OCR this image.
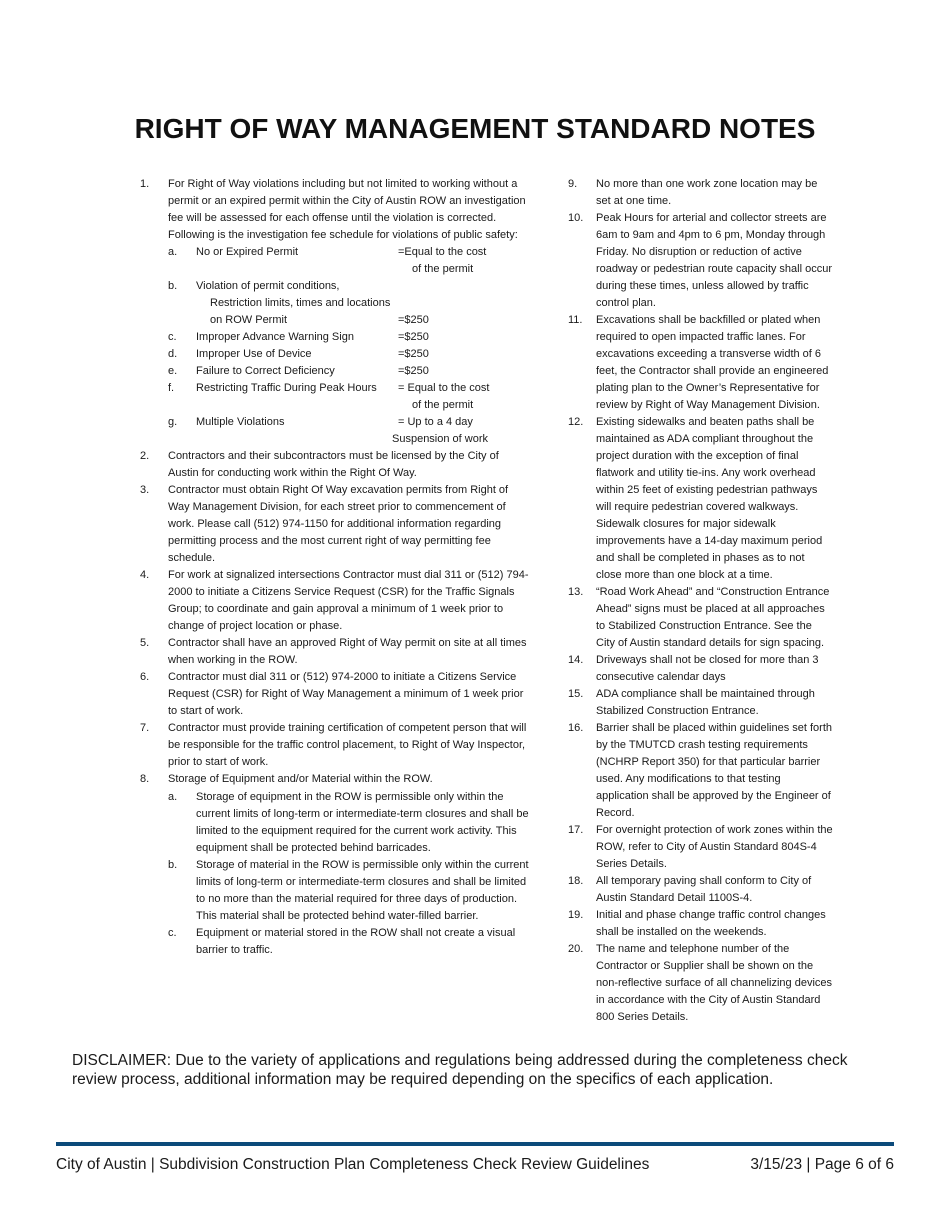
RIGHT OF WAY MANAGEMENT STANDARD NOTES
1.	For Right of Way violations including but not limited to working without a permit or an expired permit within the City of Austin ROW an investigation fee will be assessed for each offense until the violation is corrected. Following is the investigation fee schedule for violations of public safety:
a.	No or Expired Permit	=Equal to the cost
of the permit
b.	Violation of permit conditions,
Restriction limits, times and locations
on ROW Permit	=$250
c.	Improper Advance Warning Sign	=$250
d.	Improper Use of Device	=$250
e.	Failure to Correct Deficiency	=$250
f.	Restricting Traffic During Peak Hours	= Equal to the cost
of the permit
g.	Multiple Violations	= Up to a 4 day
Suspension of work
2.	Contractors and their subcontractors must be licensed by the City of Austin for conducting work within the Right Of Way.
3.	Contractor must obtain Right Of Way excavation permits from Right of Way Management Division, for each street prior to commencement of work. Please call (512) 974-1150 for additional information regarding permitting process and the most current right of way permitting fee schedule.
4.	For work at signalized intersections Contractor must dial 311 or (512) 794-2000 to initiate a Citizens Service Request (CSR) for the Traffic Signals Group; to coordinate and gain approval a minimum of 1 week prior to change of project location or phase.
5.	Contractor shall have an approved Right of Way permit on site at all times when working in the ROW.
6.	Contractor must dial 311 or (512) 974-2000 to initiate a Citizens Service Request (CSR) for Right of Way Management a minimum of 1 week prior to start of work.
7.	Contractor must provide training certification of competent person that will be responsible for the traffic control placement, to Right of Way Inspector, prior to start of work.
8.	Storage of Equipment and/or Material within the ROW.
a.	Storage of equipment in the ROW is permissible only within the current limits of long-term or intermediate-term closures and shall be limited to the equipment required for the current work activity. This equipment shall be protected behind barricades.
b.	Storage of material in the ROW is permissible only within the current limits of long-term or intermediate-term closures and shall be limited to no more than the material required for three days of production. This material shall be protected behind water-filled barrier.
c.	Equipment or material stored in the ROW shall not create a visual barrier to traffic.
9.	No more than one work zone location may be set at one time.
10.	Peak Hours for arterial and collector streets are 6am to 9am and 4pm to 6 pm, Monday through Friday. No disruption or reduction of active roadway or pedestrian route capacity shall occur during these times, unless allowed by traffic control plan.
11.	Excavations shall be backfilled or plated when required to open impacted traffic lanes. For excavations exceeding a transverse width of 6 feet, the Contractor shall provide an engineered plating plan to the Owner’s Representative for review by Right of Way Management Division.
12.	Existing sidewalks and beaten paths shall be maintained as ADA compliant throughout the project duration with the exception of final flatwork and utility tie-ins. Any work overhead within 25 feet of existing pedestrian pathways will require pedestrian covered walkways. Sidewalk closures for major sidewalk improvements have a 14-day maximum period and shall be completed in phases as to not close more than one block at a time.
13.	“Road Work Ahead” and “Construction Entrance Ahead” signs must be placed at all approaches to Stabilized Construction Entrance. See the City of Austin standard details for sign spacing.
14.	Driveways shall not be closed for more than 3 consecutive calendar days
15.	ADA compliance shall be maintained through Stabilized Construction Entrance.
16.	Barrier shall be placed within guidelines set forth by the TMUTCD crash testing requirements (NCHRP Report 350) for that particular barrier used. Any modifications to that testing application shall be approved by the Engineer of Record.
17.	For overnight protection of work zones within the ROW, refer to City of Austin Standard 804S-4 Series Details.
18.	All temporary paving shall conform to City of Austin Standard Detail 1100S-4.
19.	Initial and phase change traffic control changes shall be installed on the weekends.
20.	The name and telephone number of the Contractor or Supplier shall be shown on the non-reflective surface of all channelizing devices in accordance with the City of Austin Standard 800 Series Details.

DISCLAIMER: Due to the variety of applications and regulations being addressed during the completeness check review process, additional information may be required depending on the specifics of each application.

City of Austin | Subdivision Construction Plan Completeness Check Review Guidelines	3/15/23 | Page 6 of 6
